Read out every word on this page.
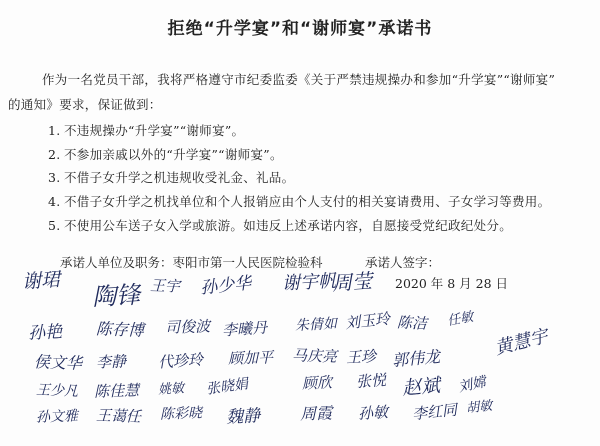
拒绝“升学宴”和“谢师宴”承诺书
作为一名党员干部，我将严格遵守市纪委监委《关于严禁违规操办和参加“升学宴”“谢师宴”
的通知》要求，保证做到：
1. 不违规操办“升学宴”“谢师宴”。
2. 不参加亲戚以外的“升学宴”“谢师宴”。
3. 不借子女升学之机违规收受礼金、礼品。
4. 不借子女升学之机找单位和个人报销应由个人支付的相关宴请费用、子女学习等费用。
5. 不使用公车送子女入学或旅游。如违反上述承诺内容，自愿接受党纪政纪处分。
承诺人单位及职务：枣阳市第一人民医院检验科	承诺人签字：
2020 年 8 月 28 日
谢珺 陶锋 王宇 孙少华 谢宇帆
周莹
孙艳 陈存博 司俊波 李曦丹 朱倩如 刘玉玲 陈洁 任敏
黄慧宇
侯文华 李静 代珍玲 顾加平 马庆亮 王珍 郭伟龙
王少凡 陈佳慧 姚敏 张晓娟	顾欣 张悦 赵斌 刘嫦
孙文雅 王蔼任 陈彩晓 魏静 周霞 孙敏 李红同 胡敏
